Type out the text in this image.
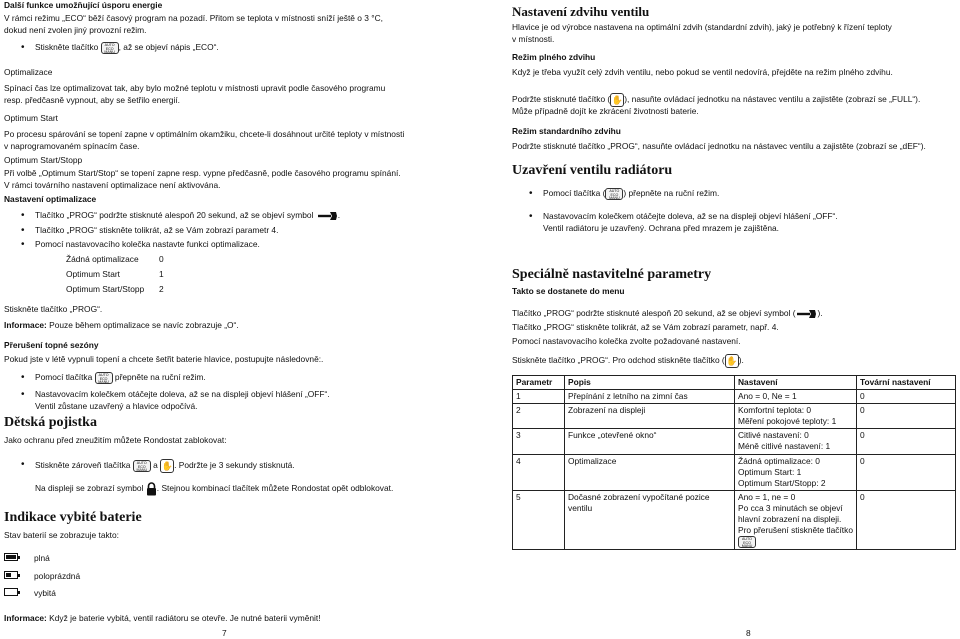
Další funkce umožňující úsporu energie

V rámci režimu „ECO“ běží časový program na pozadí. Přitom se teplota v místnosti sníží ještě o 3 °C,

dokud není zvolen jiný provozní režim.

• Stiskněte tlačítko AUTO ECO MANU , až se objeví nápis „ECO“.

Optimalizace

Spínací čas lze optimalizovat tak, aby bylo možné teplotu v místnosti upravit podle časového programu

resp. předčasně vypnout, aby se šetřilo energií.

Optimum Start

Po procesu spárování se topení zapne v optimálním okamžiku, chcete-li dosáhnout určité teploty v místnosti

v naprogramovaném spínacím čase.

Optimum Start/Stopp

Při volbě „Optimum Start/Stop“ se topení zapne resp. vypne předčasně, podle časového programu spínání.

V rámci továrního nastavení optimalizace není aktivována.

Nastavení optimalizace

• Tlačítko „PROG“ podržte stisknuté alespoň 20 sekund, až se objeví symbol	.

• Tlačítko „PROG“ stiskněte tolikrát, až se Vám zobrazí parametr 4.

• Pomocí nastavovacího kolečka nastavte funkci optimalizace.

Žádná optimalizace 0
Optimum Start	1
Optimum Start/Stopp 2

Stiskněte tlačítko „PROG“.

Informace: Pouze během optimalizace se navíc zobrazuje „O“.

Přerušení topné sezóny

Pokud jste v létě vypnuli topení a chcete šetřit baterie hlavice, postupujte následovně:.

• Pomocí tlačítka AUTO ECO MANU přepněte na ruční režim.

• Nastavovacím kolečkem otáčejte doleva, až se na displeji objeví hlášení „OFF“.

Ventil zůstane uzavřený a hlavice odpočívá.

Dětská pojistka

Jako ochranu před zneužitím můžete Rondostat zablokovat:

• Stiskněte zároveň tlačítka AUTO ECO MANU a ✋. Podržte je 3 sekundy stisknutá.
Na displeji se zobrazí symbol . Stejnou kombinací tlačítek můžete Rondostat opět odblokovat.

Indikace vybité baterie

Stav baterií se zobrazuje takto:

plná

poloprázdná

vybitá

Informace: Když je baterie vybitá, ventil radiátoru se otevře. Je nutné baterii vyměnit!

7	8

Nastavení zdvihu ventilu

Hlavice je od výrobce nastavena na optimální zdvih (standardní zdvih), jaký je potřebný k řízení teploty

v místnosti.

Režim plného zdvihu

Když je třeba využít celý zdvih ventilu, nebo pokud se ventil nedovírá, přejděte na režim plného zdvihu.

Podržte stisknuté tlačítko (✋), nasuňte ovládací jednotku na nástavec ventilu a zajistěte (zobrazí se „FULL“).

Může případně dojít ke zkrácení životnosti baterie.

Režim standardního zdvihu

Podržte stisknuté tlačítko „PROG“, nasuňte ovládací jednotku na nástavec ventilu a zajistěte (zobrazí se „dEF“).

Uzavření ventilu radiátoru

• Pomocí tlačítka ( AUTO ECO MANU ) přepněte na ruční režim.

• Nastavovacím kolečkem otáčejte doleva, až se na displeji objeví hlášení „OFF“.

Ventil radiátoru je uzavřený. Ochrana před mrazem je zajištěna.

Speciálně nastavitelné parametry

Takto se dostanete do menu

Tlačítko „PROG“ podržte stisknuté alespoň 20 sekund, až se objeví symbol (	).

Tlačítko „PROG“ stiskněte tolikrát, až se Vám zobrazí parametr, např. 4.

Pomocí nastavovacího kolečka zvolte požadované nastavení.

Stiskněte tlačítko „PROG“. Pro odchod stiskněte tlačítko (✋).
Parametr	Popis	Nastavení	Tovární nastavení
1	Přepínání z letního na zimní čas	Ano = 0, Ne = 1	0
2	Zobrazení na displeji	Komfortní teplota: 0
Měření pokojové teploty: 1	0
3	Funkce „otevřené okno“	Citlivé nastavení: 0
Méně citlivé nastavení: 1	0
4	Optimalizace	Žádná optimalizace: 0
Optimum Start: 1
Optimum Start/Stopp: 2	0
5	Dočasné zobrazení vypočítané pozice ventilu	Ano = 1, ne = 0
Po cca 3 minutách se objeví
hlavní zobrazení na displeji.
Pro přerušení stiskněte tlačítko
AUTO ECO MANU	0
